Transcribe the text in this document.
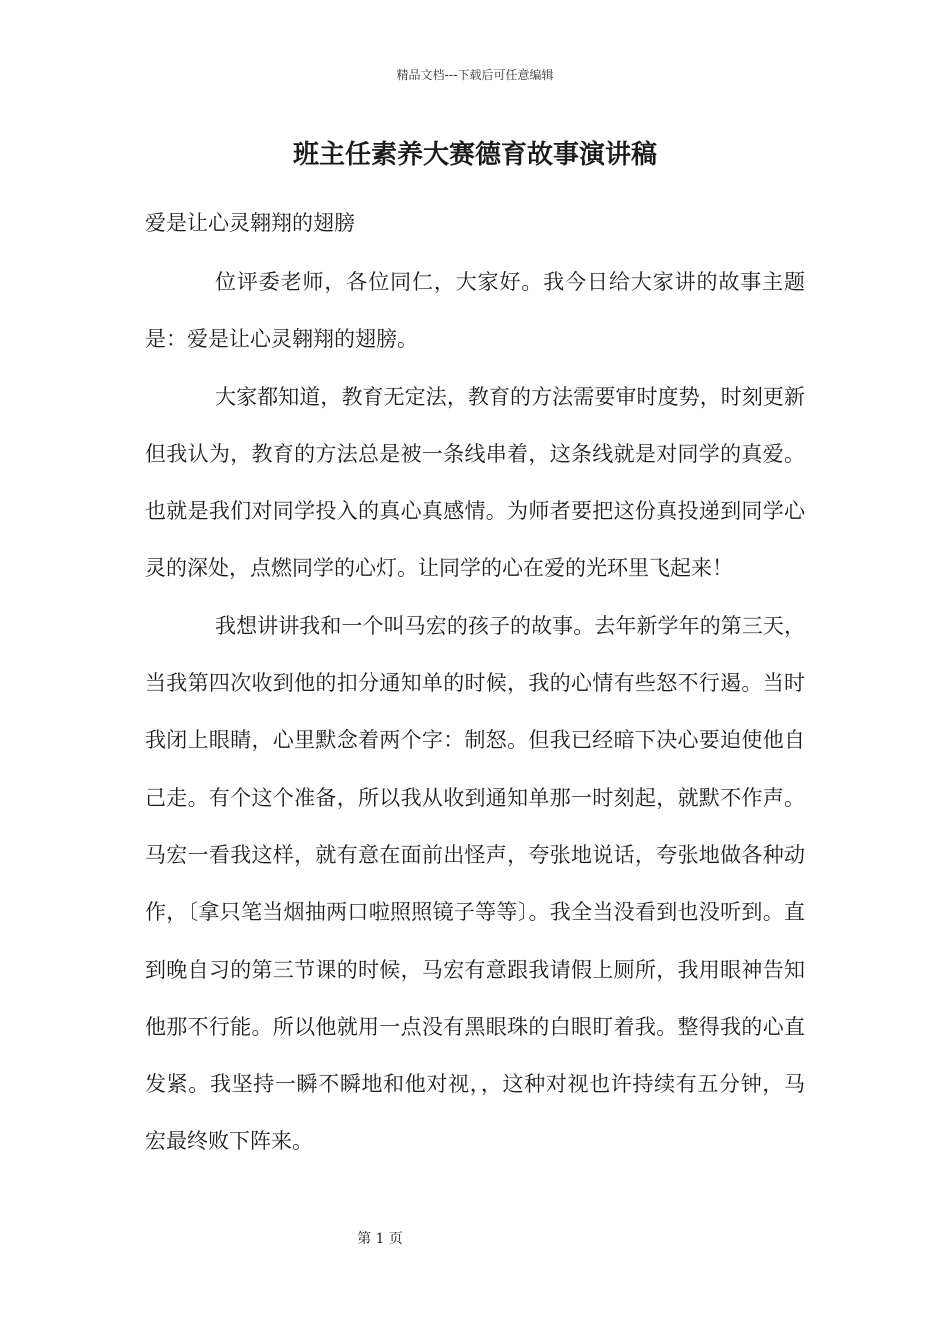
精品文档---下载后可任意编辑
班主任素养大赛德育故事演讲稿
爱是让心灵翱翔的翅膀

位评委老师，各位同仁，大家好。我今日给大家讲的故事主题是：爱是让心灵翱翔的翅膀。

大家都知道，教育无定法，教育的方法需要审时度势，时刻更新但我认为，教育的方法总是被一条线串着，这条线就是对同学的真爱。也就是我们对同学投入的真心真感情。为师者要把这份真投递到同学心灵的深处，点燃同学的心灯。让同学的心在爱的光环里飞起来！

我想讲讲我和一个叫马宏的孩子的故事。去年新学年的第三天，当我第四次收到他的扣分通知单的时候，我的心情有些怒不行遏。当时我闭上眼睛，心里默念着两个字：制怒。但我已经暗下决心要迫使他自己走。有个这个准备，所以我从收到通知单那一时刻起，就默不作声。马宏一看我这样，就有意在面前出怪声，夸张地说话，夸张地做各种动作，〔拿只笔当烟抽两口啦照照镜子等等〕。我全当没看到也没听到。直到晚自习的第三节课的时候，马宏有意跟我请假上厕所，我用眼神告知他那不行能。所以他就用一点没有黑眼珠的白眼盯着我。整得我的心直发紧。我坚持一瞬不瞬地和他对视，，这种对视也许持续有五分钟，马宏最终败下阵来。

第 1 页
